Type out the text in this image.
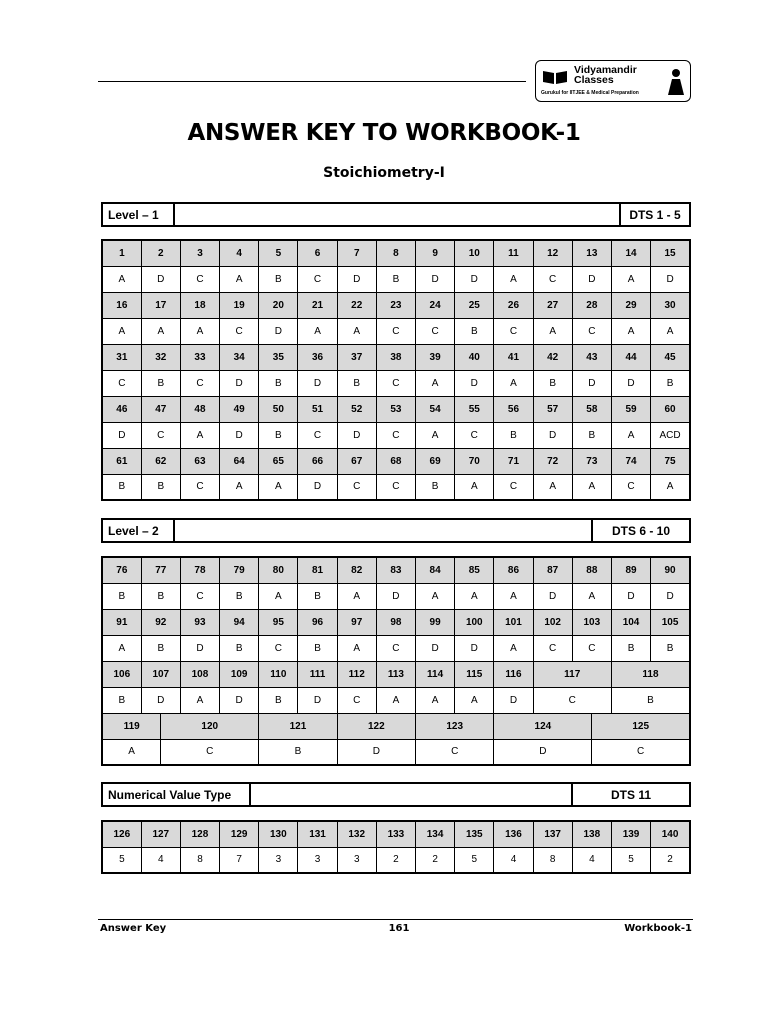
Vidyamandir
Classes
Gurukul for IITJEE & Medical Preparation
ANSWER KEY TO WORKBOOK-1
Stoichiometry-I
Level – 1	DTS 1 - 5
1	2	3	4	5	6	7	8	9	10	11	12	13	14	15
A	D	C	A	B	C	D	B	D	D	A	C	D	A	D
16	17	18	19	20	21	22	23	24	25	26	27	28	29	30
A	A	A	C	D	A	A	C	C	B	C	A	C	A	A
31	32	33	34	35	36	37	38	39	40	41	42	43	44	45
C	B	C	D	B	D	B	C	A	D	A	B	D	D	B
46	47	48	49	50	51	52	53	54	55	56	57	58	59	60
D	C	A	D	B	C	D	C	A	C	B	D	B	A	ACD
61	62	63	64	65	66	67	68	69	70	71	72	73	74	75
B	B	C	A	A	D	C	C	B	A	C	A	A	C	A
Level – 2	DTS 6 - 10
76	77		78	79	80	81	82	83	84	85	86	87	88		89	90
B	B		C	B	A	B	A	D	A	A	A	D	A		D	D
91	92		93	94	95	96	97	98	99	100	101	102	103		104	105
A	B		D	B	C	B	A	C	D	D	A	C	C		B	B
106	107		108	109	110	111	112	113	114	115	116	117			118	
B	D		A	D	B	D	C	A	A	A	D	C			B	
119		120			121		122		123		124			125		
A		C			B		D		C		D			C		
Numerical Value Type	DTS 11
126	127	128	129	130	131	132	133	134	135	136	137	138	139	140
5	4	8	7	3	3	3	2	2	5	4	8	4	5	2
Answer Key	161	Workbook-1
